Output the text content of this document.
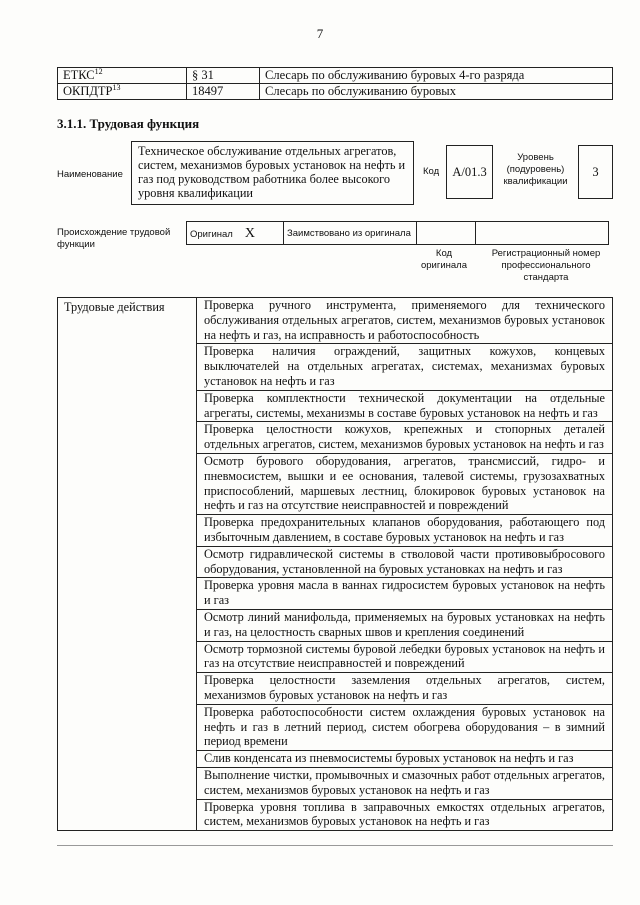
7
ЕТКС$^{12}$	§ 31	Слесарь по обслуживанию буровых 4-го разряда
ОКПДТР$^{13}$	18497	Слесарь по обслуживанию буровых
3.1.1. Трудовая функция
Наименование
Техническое обслуживание отдельных агрегатов, систем, механизмов буровых установок на нефть и газ под руководством работника более высокого уровня квалификации
Код	A/01.3
Уровень (подуровень) квалификации
3
Происхождение трудовой функции
Оригинал X	Заимствовано из оригинала		
Код оригинала
Регистрационный номер профессионального стандарта
Трудовые действия	Проверка ручного инструмента, применяемого для технического обслуживания отдельных агрегатов, систем, механизмов буровых установок на нефть и газ, на исправность и работоспособность
Проверка наличия ограждений, защитных кожухов, концевых выключателей на отдельных агрегатах, системах, механизмах буровых установок на нефть и газ
Проверка комплектности технической документации на отдельные агрегаты, системы, механизмы в составе буровых установок на нефть и газ
Проверка целостности кожухов, крепежных и стопорных деталей отдельных агрегатов, систем, механизмов буровых установок на нефть и газ
Осмотр бурового оборудования, агрегатов, трансмиссий, гидро- и пневмосистем, вышки и ее основания, талевой системы, грузозахватных приспособлений, маршевых лестниц, блокировок буровых установок на нефть и газ на отсутствие неисправностей и повреждений
Проверка предохранительных клапанов оборудования, работающего под избыточным давлением, в составе буровых установок на нефть и газ
Осмотр гидравлической системы в стволовой части противовыбросового оборудования, установленной на буровых установках на нефть и газ
Проверка уровня масла в ваннах гидросистем буровых установок на нефть и газ
Осмотр линий манифольда, применяемых на буровых установках на нефть и газ, на целостность сварных швов и крепления соединений
Осмотр тормозной системы буровой лебедки буровых установок на нефть и газ на отсутствие неисправностей и повреждений
Проверка целостности заземления отдельных агрегатов, систем, механизмов буровых установок на нефть и газ
Проверка работоспособности систем охлаждения буровых установок на нефть и газ в летний период, систем обогрева оборудования – в зимний период времени
Слив конденсата из пневмосистемы буровых установок на нефть и газ
Выполнение чистки, промывочных и смазочных работ отдельных агрегатов, систем, механизмов буровых установок на нефть и газ
Проверка уровня топлива в заправочных емкостях отдельных агрегатов, систем, механизмов буровых установок на нефть и газ
